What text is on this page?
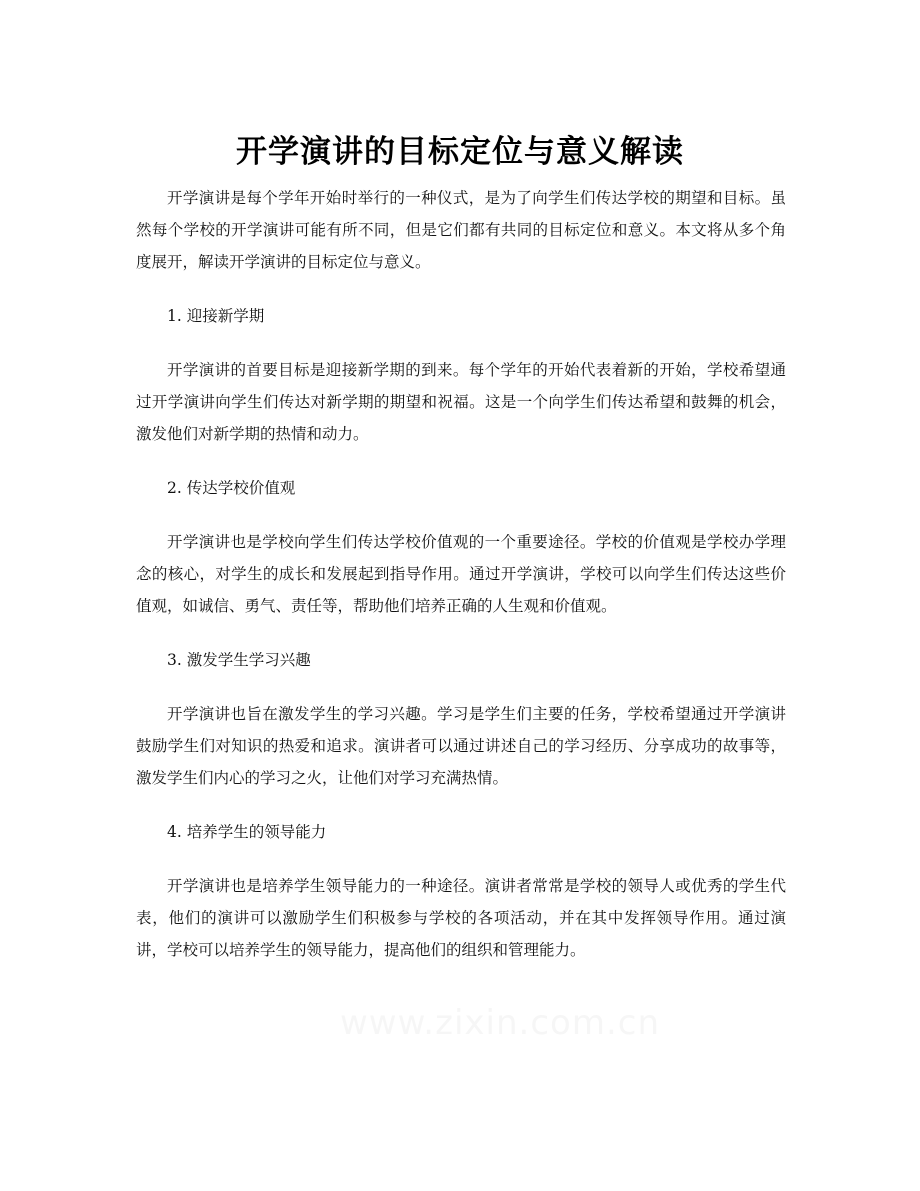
开学演讲的目标定位与意义解读

开学演讲是每个学年开始时举行的一种仪式，是为了向学生们传达学校的期望和目标。虽然每个学校的开学演讲可能有所不同，但是它们都有共同的目标定位和意义。本文将从多个角度展开，解读开学演讲的目标定位与意义。

1. 迎接新学期

开学演讲的首要目标是迎接新学期的到来。每个学年的开始代表着新的开始，学校希望通过开学演讲向学生们传达对新学期的期望和祝福。这是一个向学生们传达希望和鼓舞的机会，激发他们对新学期的热情和动力。

2. 传达学校价值观

开学演讲也是学校向学生们传达学校价值观的一个重要途径。学校的价值观是学校办学理念的核心，对学生的成长和发展起到指导作用。通过开学演讲，学校可以向学生们传达这些价值观，如诚信、勇气、责任等，帮助他们培养正确的人生观和价值观。

3. 激发学生学习兴趣

开学演讲也旨在激发学生的学习兴趣。学习是学生们主要的任务，学校希望通过开学演讲鼓励学生们对知识的热爱和追求。演讲者可以通过讲述自己的学习经历、分享成功的故事等，激发学生们内心的学习之火，让他们对学习充满热情。

4. 培养学生的领导能力

开学演讲也是培养学生领导能力的一种途径。演讲者常常是学校的领导人或优秀的学生代表，他们的演讲可以激励学生们积极参与学校的各项活动，并在其中发挥领导作用。通过演讲，学校可以培养学生的领导能力，提高他们的组织和管理能力。

www.zixin.com.cn
